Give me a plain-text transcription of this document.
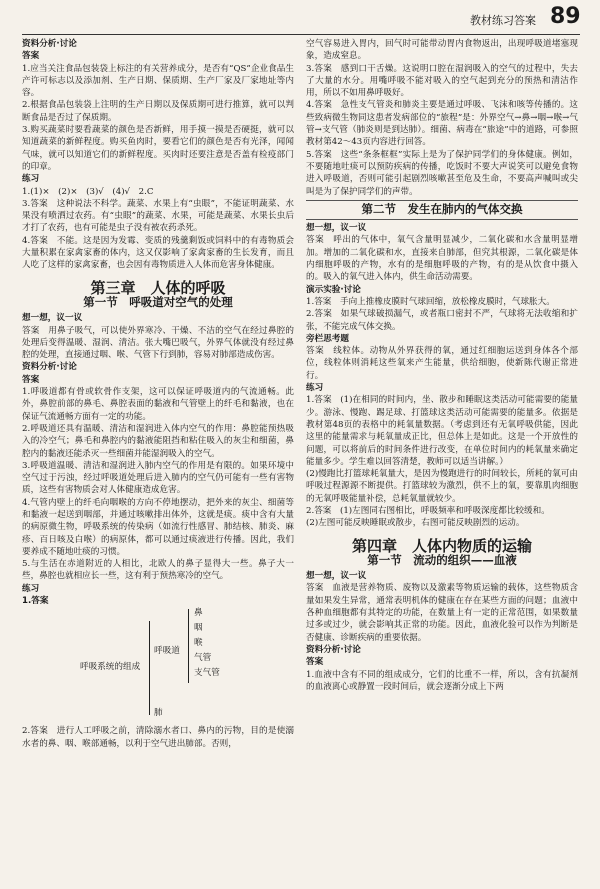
教材练习答案 89
资料分析·讨论
答案

1.应当关注食品包装袋上标注的有关营养成分，是否有“QS”企业食品生产许可标志以及添加剂、生产日期、保质期、生产厂家及厂家地址等内容。

2.根据食品包装袋上注明的生产日期以及保质期可进行推算，就可以判断食品是否过了保质期。

3.购买蔬菜时要看蔬菜的颜色是否新鲜，用手摸一摸是否硬挺，就可以知道蔬菜的新鲜程度。购买鱼肉时，要看它们的颜色是否有光泽，闻闻气味，就可以知道它们的新鲜程度。买肉时还要注意是否盖有检疫部门的印章。

练习

1.(1)×　(2)×　(3)√　(4)√　2.C

3.答案　这种说法不科学。蔬菜、水果上有“虫眼”，不能证明蔬菜、水果没有喷洒过农药。有“虫眼”的蔬菜、水果，可能是蔬菜、水果长虫后才打了农药，也有可能是虫子没有被农药杀死。

4.答案　不能。这是因为发霉、变质的残羹剩饭或饲料中的有毒物质会大量积累在家禽家畜的体内，这又仅影响了家禽家畜的生长发育，而且人吃了这样的家禽家畜，也会因有毒物质进入人体而危害身体健康。

第三章　人体的呼吸
第一节　呼吸道对空气的处理
想一想，议一议

答案　用鼻子吸气，可以使外界寒冷、干燥、不洁的空气在经过鼻腔的处理后变得温暖、湿润、清洁。张大嘴巴吸气，外界气体就没有经过鼻腔的处理，直接通过咽、喉、气管下行到肺，容易对肺部造成伤害。

资料分析·讨论
答案

1.呼吸道都有骨或软骨作支架，这可以保证呼吸道内的气流通畅。此外，鼻腔前部的鼻毛、鼻腔表面的黏液和气管壁上的纤毛和黏液，也在保证气流通畅方面有一定的功能。

2.呼吸道还具有温暖、清洁和湿润进入体内空气的作用：鼻腔能预热吸入的冷空气；鼻毛和鼻腔内的黏液能阻挡和粘住吸入的灰尘和细菌，鼻腔内的黏液还能杀灭一些细菌并能湿润吸入的空气。

3.呼吸道温暖、清洁和湿润进入肺内空气的作用是有限的。如果环境中空气过于污浊，经过呼吸道处理后进入肺内的空气仍可能有一些有害物质，这些有害物质会对人体健康造成危害。

4.气管内壁上的纤毛向咽喉的方向不停地摆动，把外来的灰尘、细菌等和黏液一起送到咽部，并通过咳嗽排出体外，这就是痰。痰中含有大量的病原微生物，呼吸系统的传染病（如流行性感冒、肺结核、肺炎、麻疹、百日咳及白喉）的病原体，都可以通过痰液进行传播。因此，我们要养成不随地吐痰的习惯。

5.与生活在赤道附近的人相比，北欧人的鼻子显得大一些。鼻子大一些，鼻腔也就相应长一些，这有利于预热寒冷的空气。

练习
1.答案
呼吸系统的组成
呼吸道
鼻
咽
喉
气管
支气管
肺

2.答案　进行人工呼吸之前，清除溺水者口、鼻内的污物，目的是使溺水者的鼻、咽、喉部通畅，以利于空气进出肺部。否则，

空气容易进入胃内，回气时可能带动胃内食物返出，出现呼吸道堵塞现象，造成窒息。

3.答案　感到口干舌燥。这说明口腔在湿润吸入的空气的过程中，失去了大量的水分。用嘴呼吸不能对吸入的空气起到充分的预热和清洁作用，所以不如用鼻呼吸好。

4.答案　急性支气管炎和肺炎主要是通过呼吸、飞沫和咳等传播的。这些致病微生物同这患者发病部位的“旅程”是：外界空气→鼻→咽→喉→气管→支气管（肺炎则是到达肺）。细菌、病毒在“旅途”中的道路，可参照教材第42～43页内容进行回答。

5.答案　这些“条条框框”实际上是为了保护同学们的身体健康。例如，不要随地吐痰可以预防疾病的传播，吃饭时不要大声说笑可以避免食物进入呼吸道，否则可能引起剧烈咳嗽甚至危及生命，不要高声喊叫或尖叫是为了保护同学们的声带。

第二节　发生在肺内的气体交换
想一想，议一议

答案　呼出的气体中，氧气含量明显减少，二氧化碳和水含量明显增加。增加的二氧化碳和水，直接来自肺部，但究其根源，二氧化碳是体内细胞呼吸的产物，水有的是细胞呼吸的产物，有的是从饮食中摄入的。吸入的氧气进入体内，供生命活动需要。

演示实验·讨论

1.答案　手向上推橡皮膜时气球回缩，放松橡皮膜时，气球胀大。

2.答案　如果气球破损漏气，或者瓶口密封不严，气球将无法收缩和扩张，不能完成气体交换。

旁栏思考题

答案　线粒体。动物从外界获得的氧，通过红细胞运送到身体各个部位，线粒体则消耗这些氧来产生能量，供给细胞，使新陈代谢正常进行。

练习

1.答案　(1)在相同的时间内，坐、散步和睡眠这类活动可能需要的能量少。游泳、慢跑、踢足球、打篮球这类活动可能需要的能量多。依据是教材第48页的表格中的耗氧量数据。（考虑到还有无氧呼吸供能，因此这里的能量需求与耗氧量成正比，但总体上是如此。这是一个开放性的问题，可以将前后的时间条件进行改变，在单位时间内的耗氧量来确定能量多少。学生难以回答清楚，教师可以适当讲解。）

(2)慢跑比打篮球耗氧量大，是因为慢跑进行的时间较长，所耗的氧可由呼吸过程源源不断提供。打篮球较为激烈，供不上的氧，要靠肌肉细胞的无氧呼吸能量补偿，总耗氧量就较少。

2.答案　(1)左图同右图相比，呼吸频率和呼吸深度都比较缓和。

(2)左图可能反映睡眠或散步，右图可能反映剧烈的运动。

第四章　人体内物质的运输
第一节　流动的组织——血液
想一想，议一议

答案　血液是营养物质、废物以及激素等物质运输的载体，这些物质含量如果发生异常，通常表明机体的健康在存在某些方面的问题；血液中各种血细胞都有其特定的功能，在数量上有一定的正常范围，如果数量过多或过少，就会影响其正常的功能。因此，血液化验可以作为判断是否健康、诊断疾病的重要依据。

资料分析·讨论
答案

1.血液中含有不同的组成成分，它们的比重不一样，所以，含有抗凝剂的血液离心或静置一段时间后，就会逐渐分成上下两
